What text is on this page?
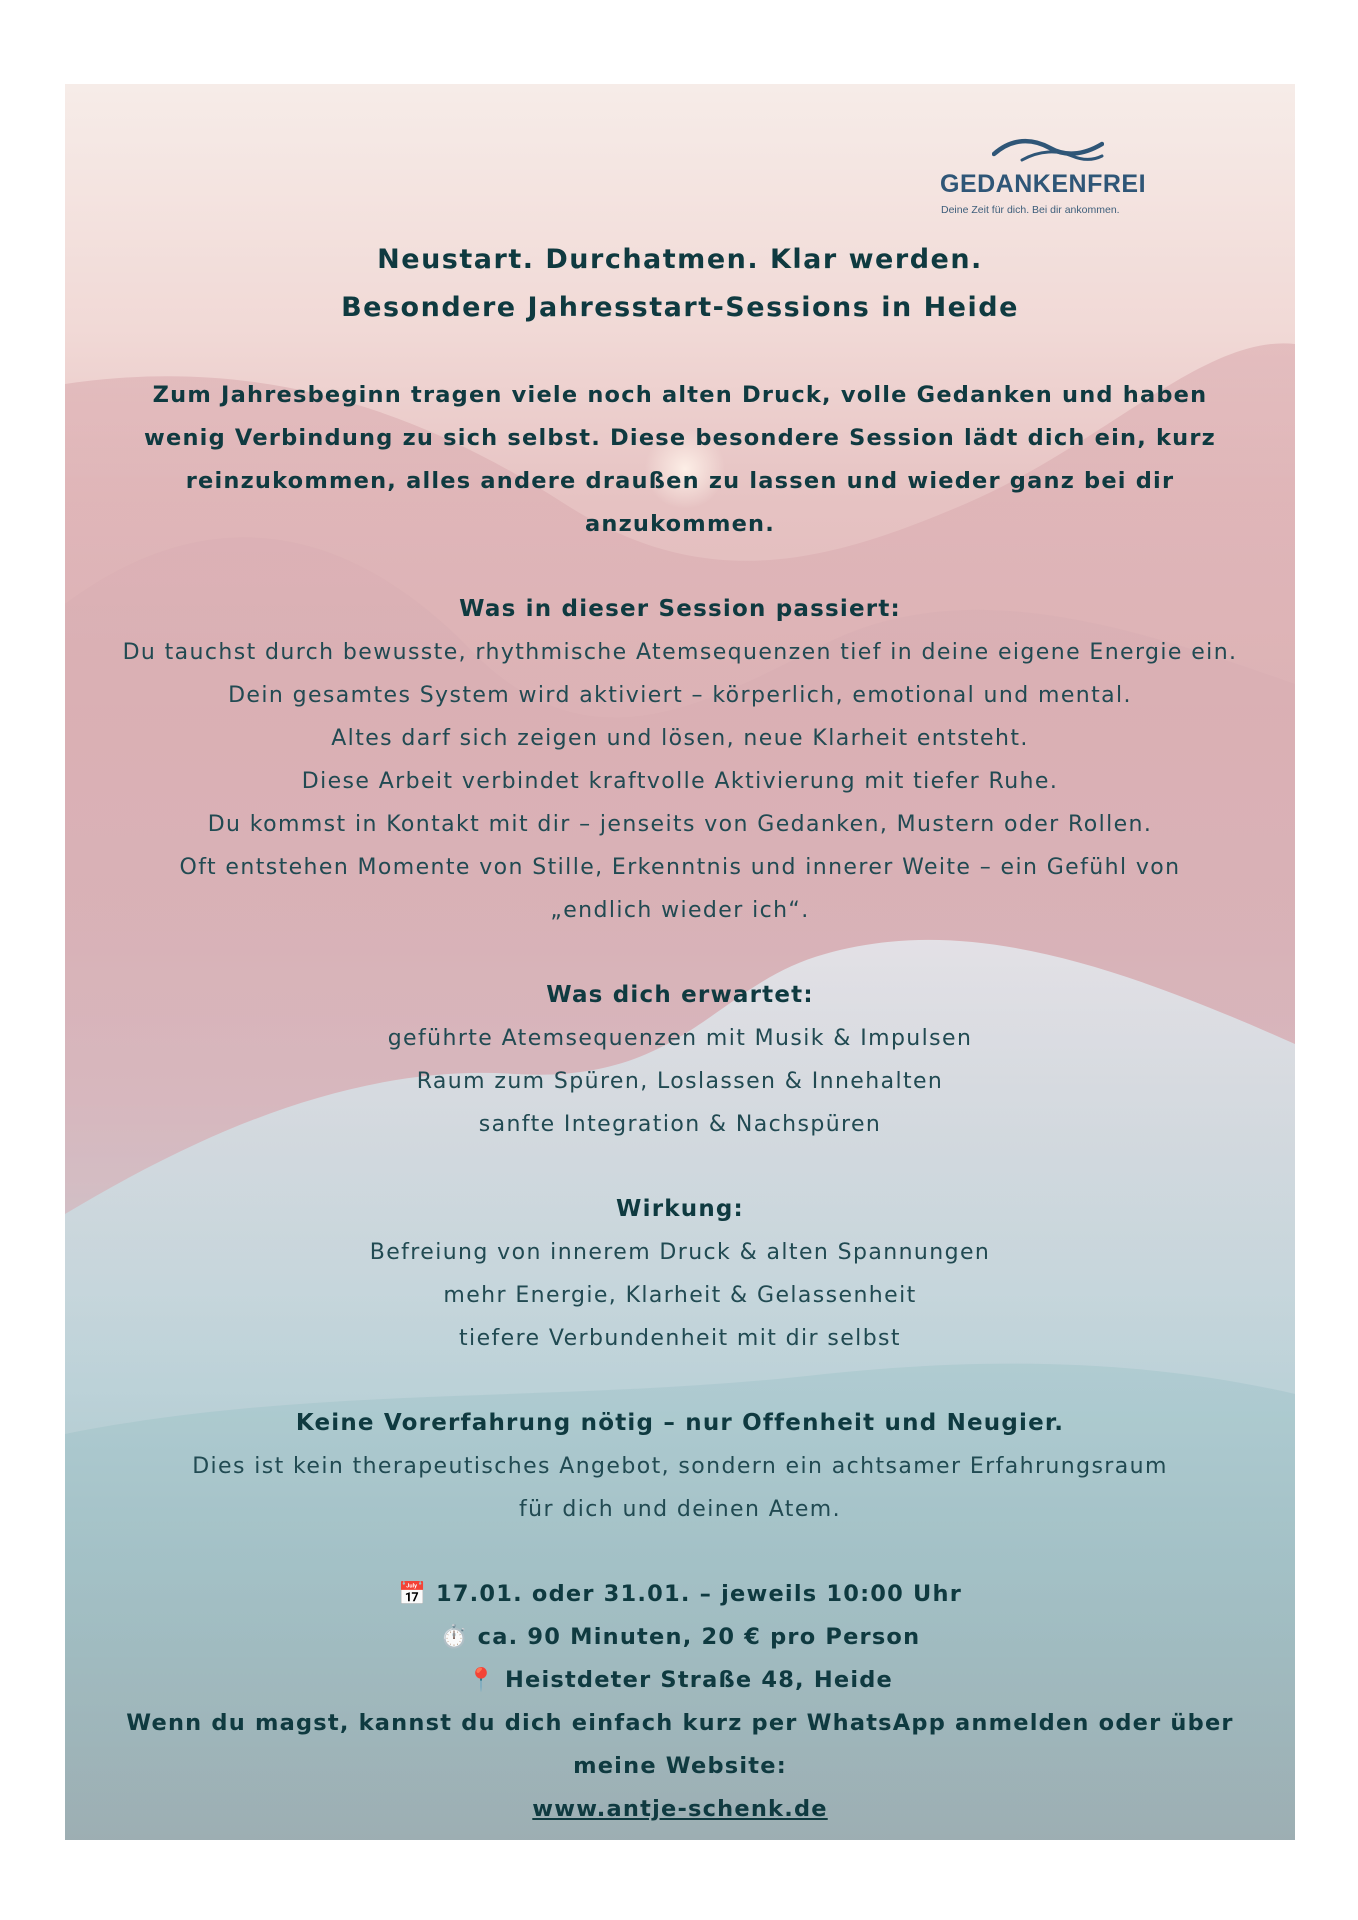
GEDANKENFREI
Deine Zeit für dich. Bei dir ankommen.

Neustart. Durchatmen. Klar werden.

Besondere Jahresstart-Sessions in Heide

Zum Jahresbeginn tragen viele noch alten Druck, volle Gedanken und haben wenig Verbindung zu sich selbst. Diese besondere Session lädt dich ein, kurz reinzukommen, alles andere draußen zu lassen und wieder ganz bei dir anzukommen.

Was in dieser Session passiert:

Du tauchst durch bewusste, rhythmische Atemsequenzen tief in deine eigene Energie ein.

Dein gesamtes System wird aktiviert – körperlich, emotional und mental.

Altes darf sich zeigen und lösen, neue Klarheit entsteht.

Diese Arbeit verbindet kraftvolle Aktivierung mit tiefer Ruhe.

Du kommst in Kontakt mit dir – jenseits von Gedanken, Mustern oder Rollen.

Oft entstehen Momente von Stille, Erkenntnis und innerer Weite – ein Gefühl von

„endlich wieder ich“.

Was dich erwartet:

geführte Atemsequenzen mit Musik & Impulsen

Raum zum Spüren, Loslassen & Innehalten

sanfte Integration & Nachspüren

Wirkung:

Befreiung von innerem Druck & alten Spannungen

mehr Energie, Klarheit & Gelassenheit

tiefere Verbundenheit mit dir selbst

Keine Vorerfahrung nötig – nur Offenheit und Neugier.

Dies ist kein therapeutisches Angebot, sondern ein achtsamer Erfahrungsraum

für dich und deinen Atem.

📅 17.01. oder 31.01. – jeweils 10:00 Uhr

⏱️ ca. 90 Minuten, 20 € pro Person

📍 Heistdeter Straße 48, Heide

Wenn du magst, kannst du dich einfach kurz per WhatsApp anmelden oder über

meine Website:

www.antje-schenk.de
